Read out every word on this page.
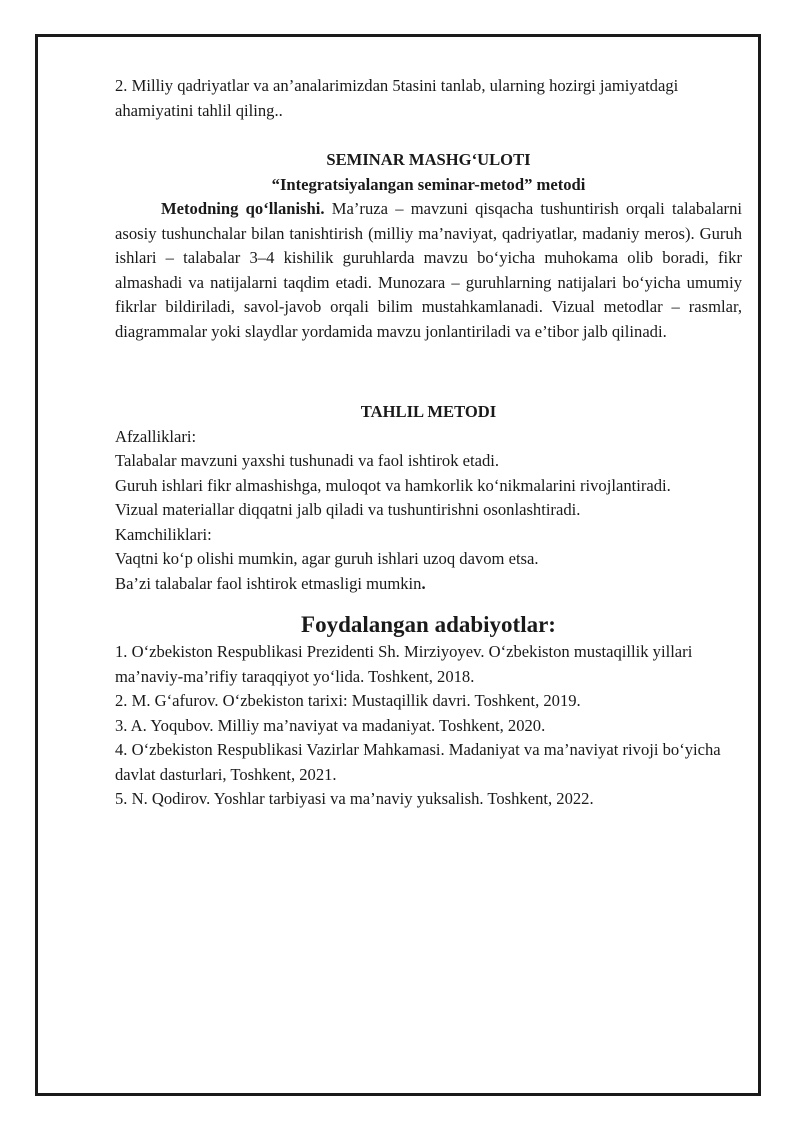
2. Milliy qadriyatlar va an’analarimizdan 5tasini tanlab, ularning hozirgi jamiyatdagi ahamiyatini tahlil qiling..

SEMINAR MASHG‘ULOTI

“Integratsiyalangan seminar-metod” metodi

Metodning qo‘llanishi. Ma’ruza – mavzuni qisqacha tushuntirish orqali talabalarni asosiy tushunchalar bilan tanishtirish (milliy ma’naviyat, qadriyatlar, madaniy meros). Guruh ishlari – talabalar 3–4 kishilik guruhlarda mavzu bo‘yicha muhokama olib boradi, fikr almashadi va natijalarni taqdim etadi. Munozara – guruhlarning natijalari bo‘yicha umumiy fikrlar bildiriladi, savol-javob orqali bilim mustahkamlanadi. Vizual metodlar – rasmlar, diagrammalar yoki slaydlar yordamida mavzu jonlantiriladi va e’tibor jalb qilinadi.

TAHLIL METODI

Afzalliklari:

Talabalar mavzuni yaxshi tushunadi va faol ishtirok etadi.

Guruh ishlari fikr almashishga, muloqot va hamkorlik ko‘nikmalarini rivojlantiradi.

Vizual materiallar diqqatni jalb qiladi va tushuntirishni osonlashtiradi.

Kamchiliklari:

Vaqtni ko‘p olishi mumkin, agar guruh ishlari uzoq davom etsa.

Ba’zi talabalar faol ishtirok etmasligi mumkin.

Foydalangan adabiyotlar:

1. O‘zbekiston Respublikasi Prezidenti Sh. Mirziyoyev. O‘zbekiston mustaqillik yillari ma’naviy-ma’rifiy taraqqiyot yo‘lida. Toshkent, 2018.

2. M. G‘afurov. O‘zbekiston tarixi: Mustaqillik davri. Toshkent, 2019.

3. A. Yoqubov. Milliy ma’naviyat va madaniyat. Toshkent, 2020.

4. O‘zbekiston Respublikasi Vazirlar Mahkamasi. Madaniyat va ma’naviyat rivoji bo‘yicha davlat dasturlari, Toshkent, 2021.

5. N. Qodirov. Yoshlar tarbiyasi va ma’naviy yuksalish. Toshkent, 2022.
